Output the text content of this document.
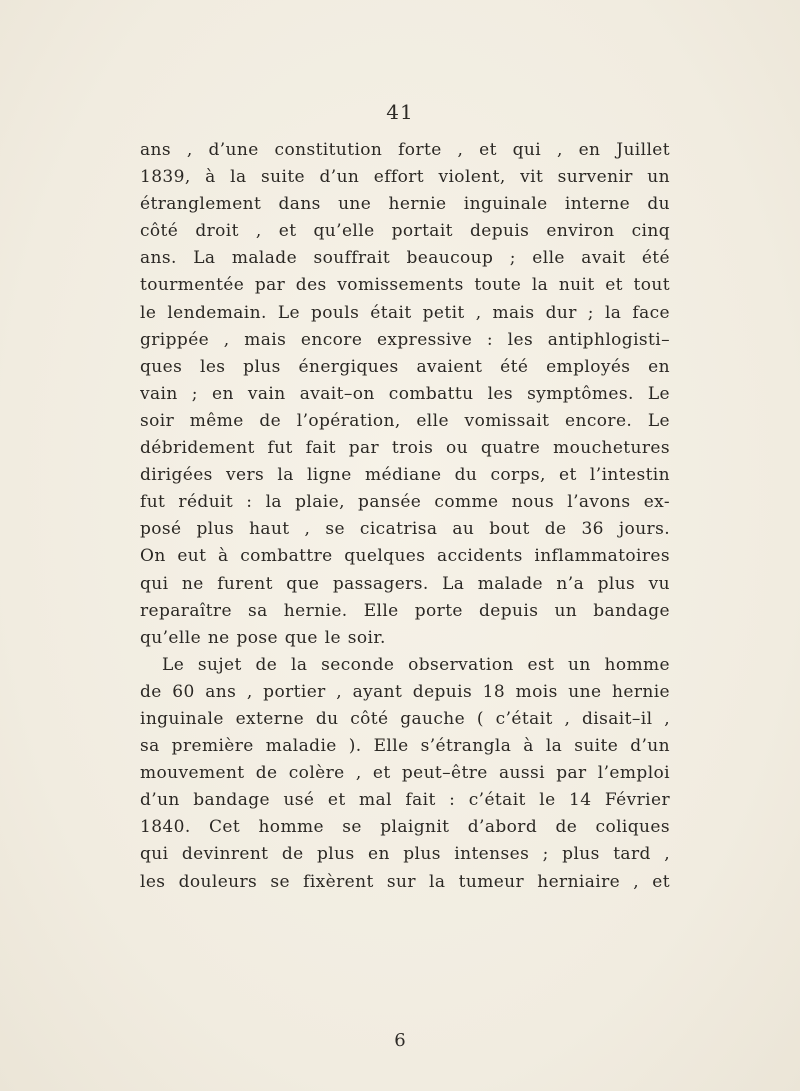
41
ans , d’une constitution forte , et qui , en Juillet
1839, à la suite d’un effort violent, vit survenir un
étranglement dans une hernie inguinale interne du
côté droit , et qu’elle portait depuis environ cinq
ans. La malade souffrait beaucoup ; elle avait été
tourmentée par des vomissements toute la nuit et tout
le lendemain. Le pouls était petit , mais dur ; la face
grippée , mais encore expressive : les antiphlogisti–
ques les plus énergiques avaient été employés en
vain ; en vain avait–on combattu les symptômes. Le
soir même de l’opération, elle vomissait encore. Le
débridement fut fait par trois ou quatre mouchetures
dirigées vers la ligne médiane du corps, et l’intestin
fut réduit : la plaie, pansée comme nous l’avons ex-
posé plus haut , se cicatrisa au bout de 36 jours.
On eut à combattre quelques accidents inflammatoires
qui ne furent que passagers. La malade n’a plus vu
reparaître sa hernie. Elle porte depuis un bandage
qu’elle ne pose que le soir.
Le sujet de la seconde observation est un homme
de 60 ans , portier , ayant depuis 18 mois une hernie
inguinale externe du côté gauche ( c’était , disait–il ,
sa première maladie ). Elle s’étrangla à la suite d’un
mouvement de colère , et peut–être aussi par l’emploi
d’un bandage usé et mal fait : c’était le 14 Février
1840. Cet homme se plaignit d’abord de coliques
qui devinrent de plus en plus intenses ; plus tard ,
les douleurs se fixèrent sur la tumeur herniaire , et
6
